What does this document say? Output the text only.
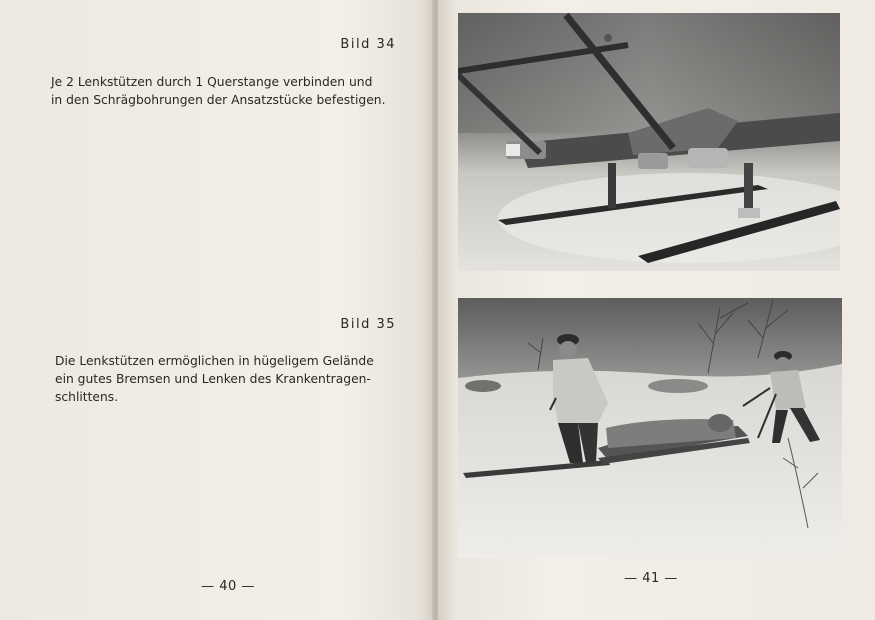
Bild 34
Je 2 Lenkstützen durch 1 Querstange verbinden und
in den Schrägbohrungen der Ansatzstücke befestigen.
Bild 35
Die Lenkstützen ermöglichen in hügeligem Gelände
ein gutes Bremsen und Lenken des Krankentragen-
schlittens.
— 40 —
— 41 —
